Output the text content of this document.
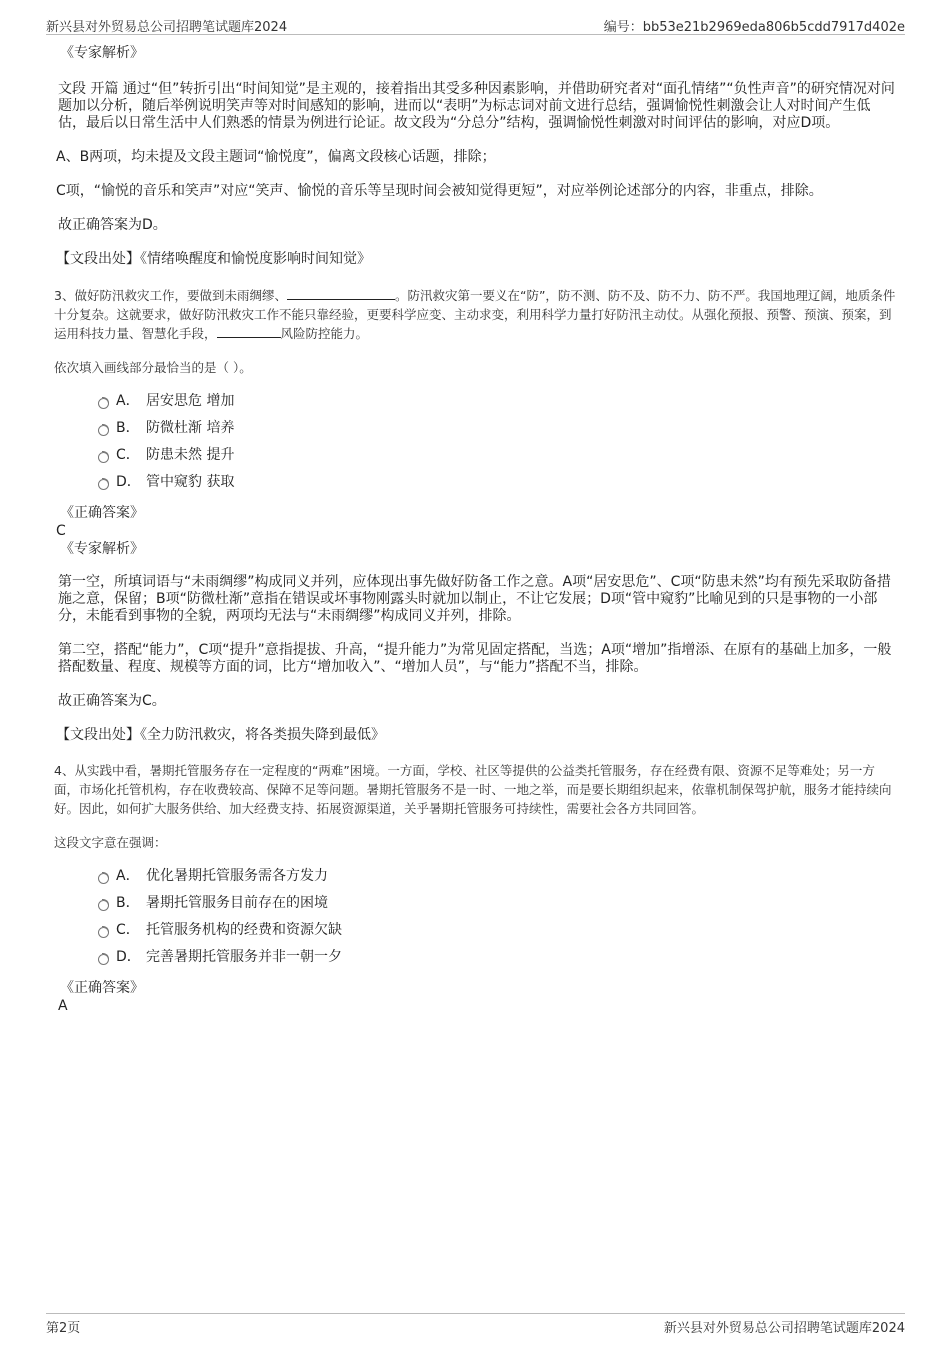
新兴县对外贸易总公司招聘笔试题库2024	编号：bb53e21b2969eda806b5cdd7917d402e

《专家解析》

文段 开篇 通过“但”转折引出“时间知觉”是主观的，接着指出其受多种因素影响，并借助研究者对“面孔情绪”“负性声音”的研究情况对问题加以分析，随后举例说明笑声等对时间感知的影响，进而以“表明”为标志词对前文进行总结，强调愉悦性刺激会让人对时间产生低估，最后以日常生活中人们熟悉的情景为例进行论证。故文段为“分总分”结构，强调愉悦性刺激对时间评估的影响，对应D项。

A、B两项，均未提及文段主题词“愉悦度”，偏离文段核心话题，排除；

C项，“愉悦的音乐和笑声”对应“笑声、愉悦的音乐等呈现时间会被知觉得更短”，对应举例论述部分的内容，非重点，排除。

故正确答案为D。

【文段出处】《情绪唤醒度和愉悦度影响时间知觉》

3、做好防汛救灾工作，要做到未雨绸缪、	。防汛救灾第一要义在“防”，防不测、防不及、防不力、防不严。我国地理辽阔，地质条件十分复杂。这就要求，做好防汛救灾工作不能只靠经验，更要科学应变、主动求变，利用科学力量打好防汛主动仗。从强化预报、预警、预演、预案，到运用科技力量、智慧化手段，	风险防控能力。

依次填入画线部分最恰当的是（ ）。

A． 居安思危 增加
B． 防微杜渐 培养
C． 防患未然 提升
D． 管中窥豹 获取

《正确答案》

C

《专家解析》

第一空，所填词语与“未雨绸缪”构成同义并列，应体现出事先做好防备工作之意。A项“居安思危”、C项“防患未然”均有预先采取防备措施之意，保留；B项“防微杜渐”意指在错误或坏事物刚露头时就加以制止，不让它发展；D项“管中窥豹”比喻见到的只是事物的一小部分，未能看到事物的全貌，两项均无法与“未雨绸缪”构成同义并列，排除。

第二空，搭配“能力”，C项“提升”意指提拔、升高，“提升能力”为常见固定搭配，当选；A项“增加”指增添、在原有的基础上加多，一般搭配数量、程度、规模等方面的词，比方“增加收入”、“增加人员”，与“能力”搭配不当，排除。

故正确答案为C。

【文段出处】《全力防汛救灾，将各类损失降到最低》

4、从实践中看，暑期托管服务存在一定程度的“两难”困境。一方面，学校、社区等提供的公益类托管服务，存在经费有限、资源不足等难处；另一方面，市场化托管机构，存在收费较高、保障不足等问题。暑期托管服务不是一时、一地之举，而是要长期组织起来，依靠机制保驾护航，服务才能持续向好。因此，如何扩大服务供给、加大经费支持、拓展资源渠道，关乎暑期托管服务可持续性，需要社会各方共同回答。

这段文字意在强调：

A． 优化暑期托管服务需各方发力
B． 暑期托管服务目前存在的困境
C． 托管服务机构的经费和资源欠缺
D． 完善暑期托管服务并非一朝一夕

《正确答案》

A

第2页	新兴县对外贸易总公司招聘笔试题库2024
